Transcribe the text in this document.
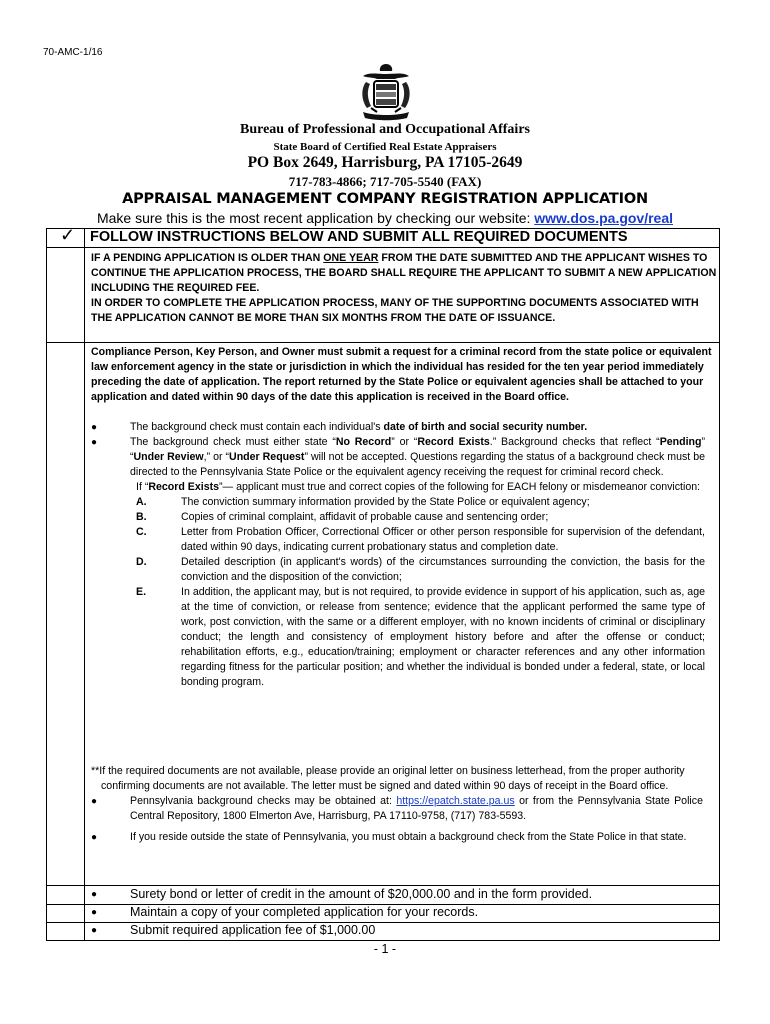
70-AMC-1/16
Bureau of Professional and Occupational Affairs
State Board of Certified Real Estate Appraisers
PO Box 2649, Harrisburg, PA 17105-2649
717-783-4866; 717-705-5540 (FAX)
APPRAISAL MANAGEMENT COMPANY REGISTRATION APPLICATION
Make sure this is the most recent application by checking our website: www.dos.pa.gov/real
✓ FOLLOW INSTRUCTIONS BELOW AND SUBMIT ALL REQUIRED DOCUMENTS

IF A PENDING APPLICATION IS OLDER THAN ONE YEAR FROM THE DATE SUBMITTED AND THE APPLICANT WISHES TO CONTINUE THE APPLICATION PROCESS, THE BOARD SHALL REQUIRE THE APPLICANT TO SUBMIT A NEW APPLICATION INCLUDING THE REQUIRED FEE.

IN ORDER TO COMPLETE THE APPLICATION PROCESS, MANY OF THE SUPPORTING DOCUMENTS ASSOCIATED WITH THE APPLICATION CANNOT BE MORE THAN SIX MONTHS FROM THE DATE OF ISSUANCE.

Compliance Person, Key Person, and Owner must submit a request for a criminal record from the state police or equivalent law enforcement agency in the state or jurisdiction in which the individual has resided for the ten year period immediately preceding the date of application. The report returned by the State Police or equivalent agencies shall be attached to your application and dated within 90 days of the date this application is received in the Board office.
●	The background check must contain each individual's date of birth and social security number.

●	The background check must either state “No Record” or “Record Exists.” Background checks that reflect “Pending” “Under Review,” or “Under Request” will not be accepted. Questions regarding the status of a background check must be directed to the Pennsylvania State Police or the equivalent agency receiving the request for criminal record check.

If “Record Exists”— applicant must true and correct copies of the following for EACH felony or misdemeanor conviction:

A.	The conviction summary information provided by the State Police or equivalent agency;

B.	Copies of criminal complaint, affidavit of probable cause and sentencing order;

C.	Letter from Probation Officer, Correctional Officer or other person responsible for supervision of the defendant, dated within 90 days, indicating current probationary status and completion date.

D.	Detailed description (in applicant's words) of the circumstances surrounding the conviction, the basis for the conviction and the disposition of the conviction;

E.	In addition, the applicant may, but is not required, to provide evidence in support of his application, such as, age at the time of conviction, or release from sentence; evidence that the applicant performed the same type of work, post conviction, with the same or a different employer, with no known incidents of criminal or disciplinary conduct; the length and consistency of employment history before and after the offense or conduct; rehabilitation efforts, e.g., education/training; employment or character references and any other information regarding fitness for the particular position; and whether the individual is bonded under a federal, state, or local bonding program.

**If the required documents are not available, please provide an original letter on business letterhead, from the proper authority confirming documents are not available. The letter must be signed and dated within 90 days of receipt in the Board office.

●	Pennsylvania background checks may be obtained at: https://epatch.state.pa.us or from the Pennsylvania State Police Central Repository, 1800 Elmerton Ave, Harrisburg, PA 17110-9758, (717) 783-5593.

●	If you reside outside the state of Pennsylvania, you must obtain a background check from the State Police in that state.

●	Surety bond or letter of credit in the amount of $20,000.00 and in the form provided.
●	Maintain a copy of your completed application for your records.
●	Submit required application fee of $1,000.00
- 1 -
